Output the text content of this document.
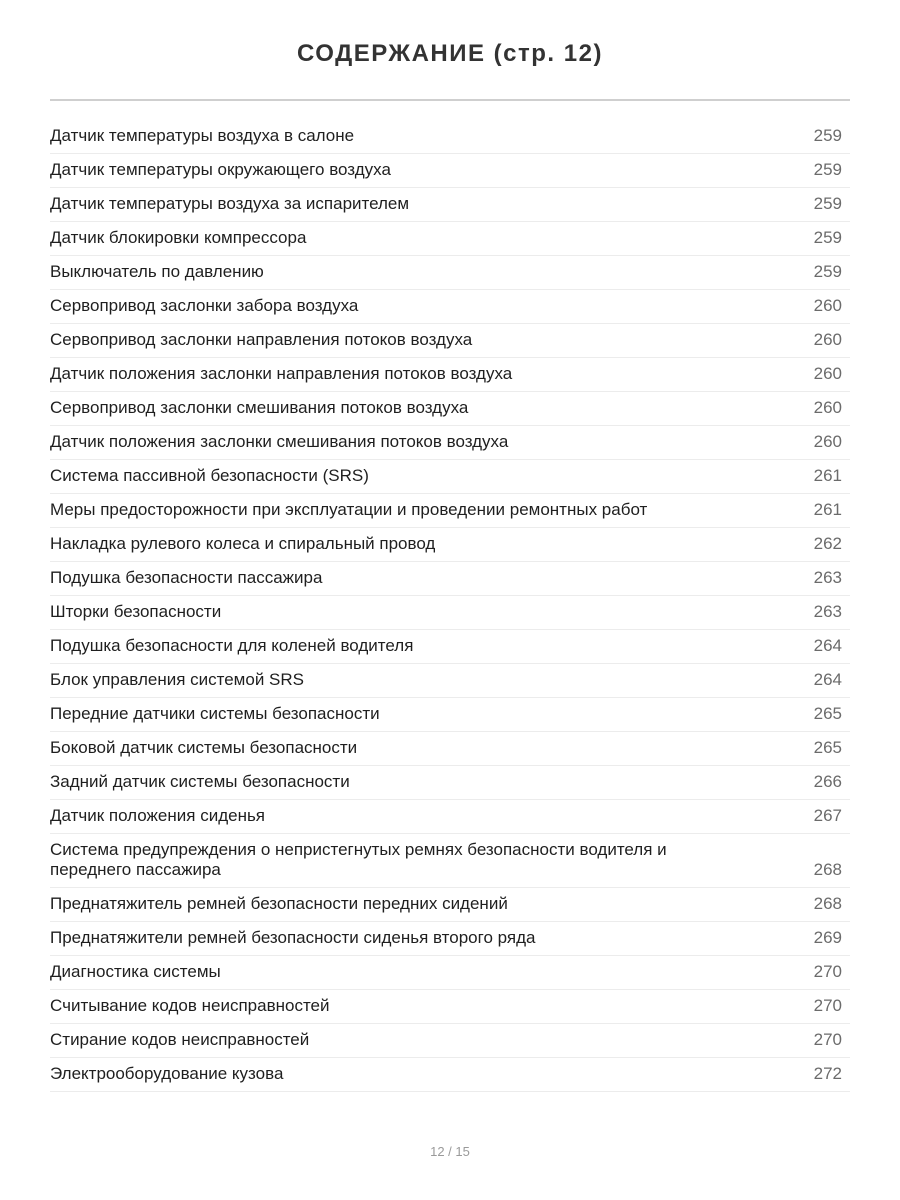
СОДЕРЖАНИЕ (стр. 12)
Датчик температуры воздуха в салоне	259
Датчик температуры окружающего воздуха	259
Датчик температуры воздуха за испарителем	259
Датчик блокировки компрессора	259
Выключатель по давлению	259
Сервопривод заслонки забора воздуха	260
Сервопривод заслонки направления потоков воздуха	260
Датчик положения заслонки направления потоков воздуха	260
Сервопривод заслонки смешивания потоков воздуха	260
Датчик положения заслонки смешивания потоков воздуха	260
Система пассивной безопасности (SRS)	261
Меры предосторожности при эксплуатации и проведении ремонтных работ	261
Накладка рулевого колеса и спиральный провод	262
Подушка безопасности пассажира	263
Шторки безопасности	263
Подушка безопасности для коленей водителя	264
Блок управления системой SRS	264
Передние датчики системы безопасности	265
Боковой датчик системы безопасности	265
Задний датчик системы безопасности	266
Датчик положения сиденья	267
Система предупреждения о непристегнутых ремнях безопасности водителя и переднего пассажира	268
Преднатяжитель ремней безопасности передних сидений	268
Преднатяжители ремней безопасности сиденья второго ряда	269
Диагностика системы	270
Считывание кодов неисправностей	270
Стирание кодов неисправностей	270
Электрооборудование кузова	272
12 / 15
